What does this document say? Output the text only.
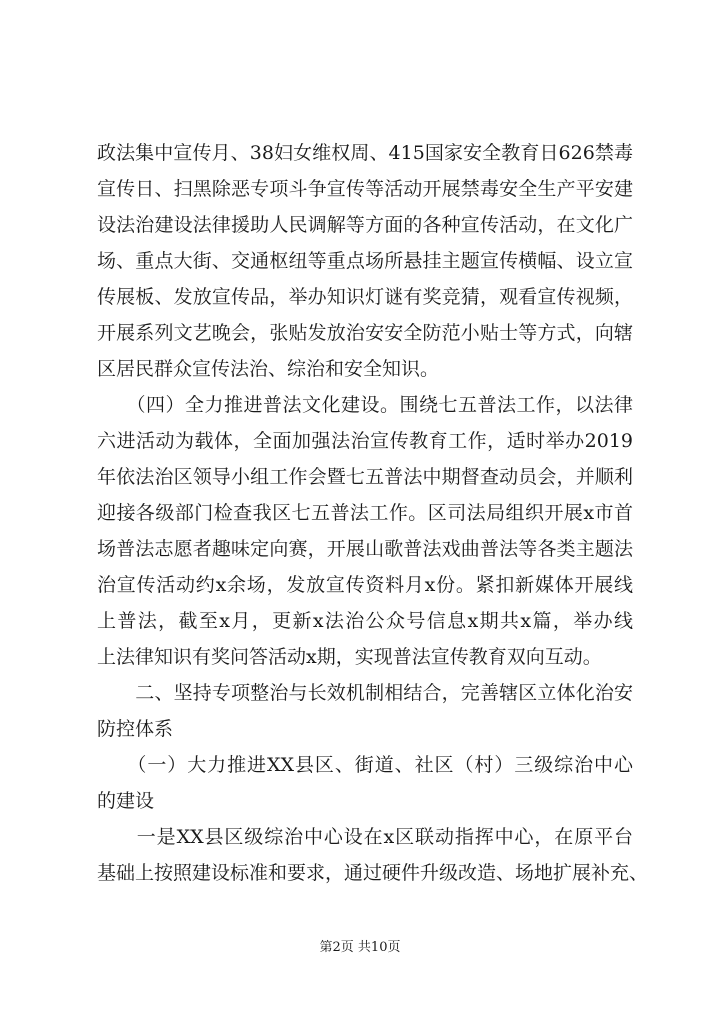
政法集中宣传月、38妇女维权周、415国家安全教育日626禁毒
宣传日、扫黑除恶专项斗争宣传等活动开展禁毒安全生产平安建
设法治建设法律援助人民调解等方面的各种宣传活动，在文化广
场、重点大街、交通枢纽等重点场所悬挂主题宣传横幅、设立宣
传展板、发放宣传品，举办知识灯谜有奖竞猜，观看宣传视频，
开展系列文艺晚会，张贴发放治安安全防范小贴士等方式，向辖
区居民群众宣传法治、综治和安全知识。
　　（四）全力推进普法文化建设。围绕七五普法工作，以法律
六进活动为载体，全面加强法治宣传教育工作，适时举办2019
年依法治区领导小组工作会暨七五普法中期督查动员会，并顺利
迎接各级部门检查我区七五普法工作。区司法局组织开展x市首
场普法志愿者趣味定向赛，开展山歌普法戏曲普法等各类主题法
治宣传活动约x余场，发放宣传资料月x份。紧扣新媒体开展线
上普法，截至x月，更新x法治公众号信息x期共x篇，举办线
上法律知识有奖问答活动x期，实现普法宣传教育双向互动。
　　二、坚持专项整治与长效机制相结合，完善辖区立体化治安
防控体系
　　（一）大力推进XX县区、街道、社区（村）三级综治中心
的建设
　　一是XX县区级综治中心设在x区联动指挥中心，在原平台
基础上按照建设标准和要求，通过硬件升级改造、场地扩展补充、
第2页 共10页
